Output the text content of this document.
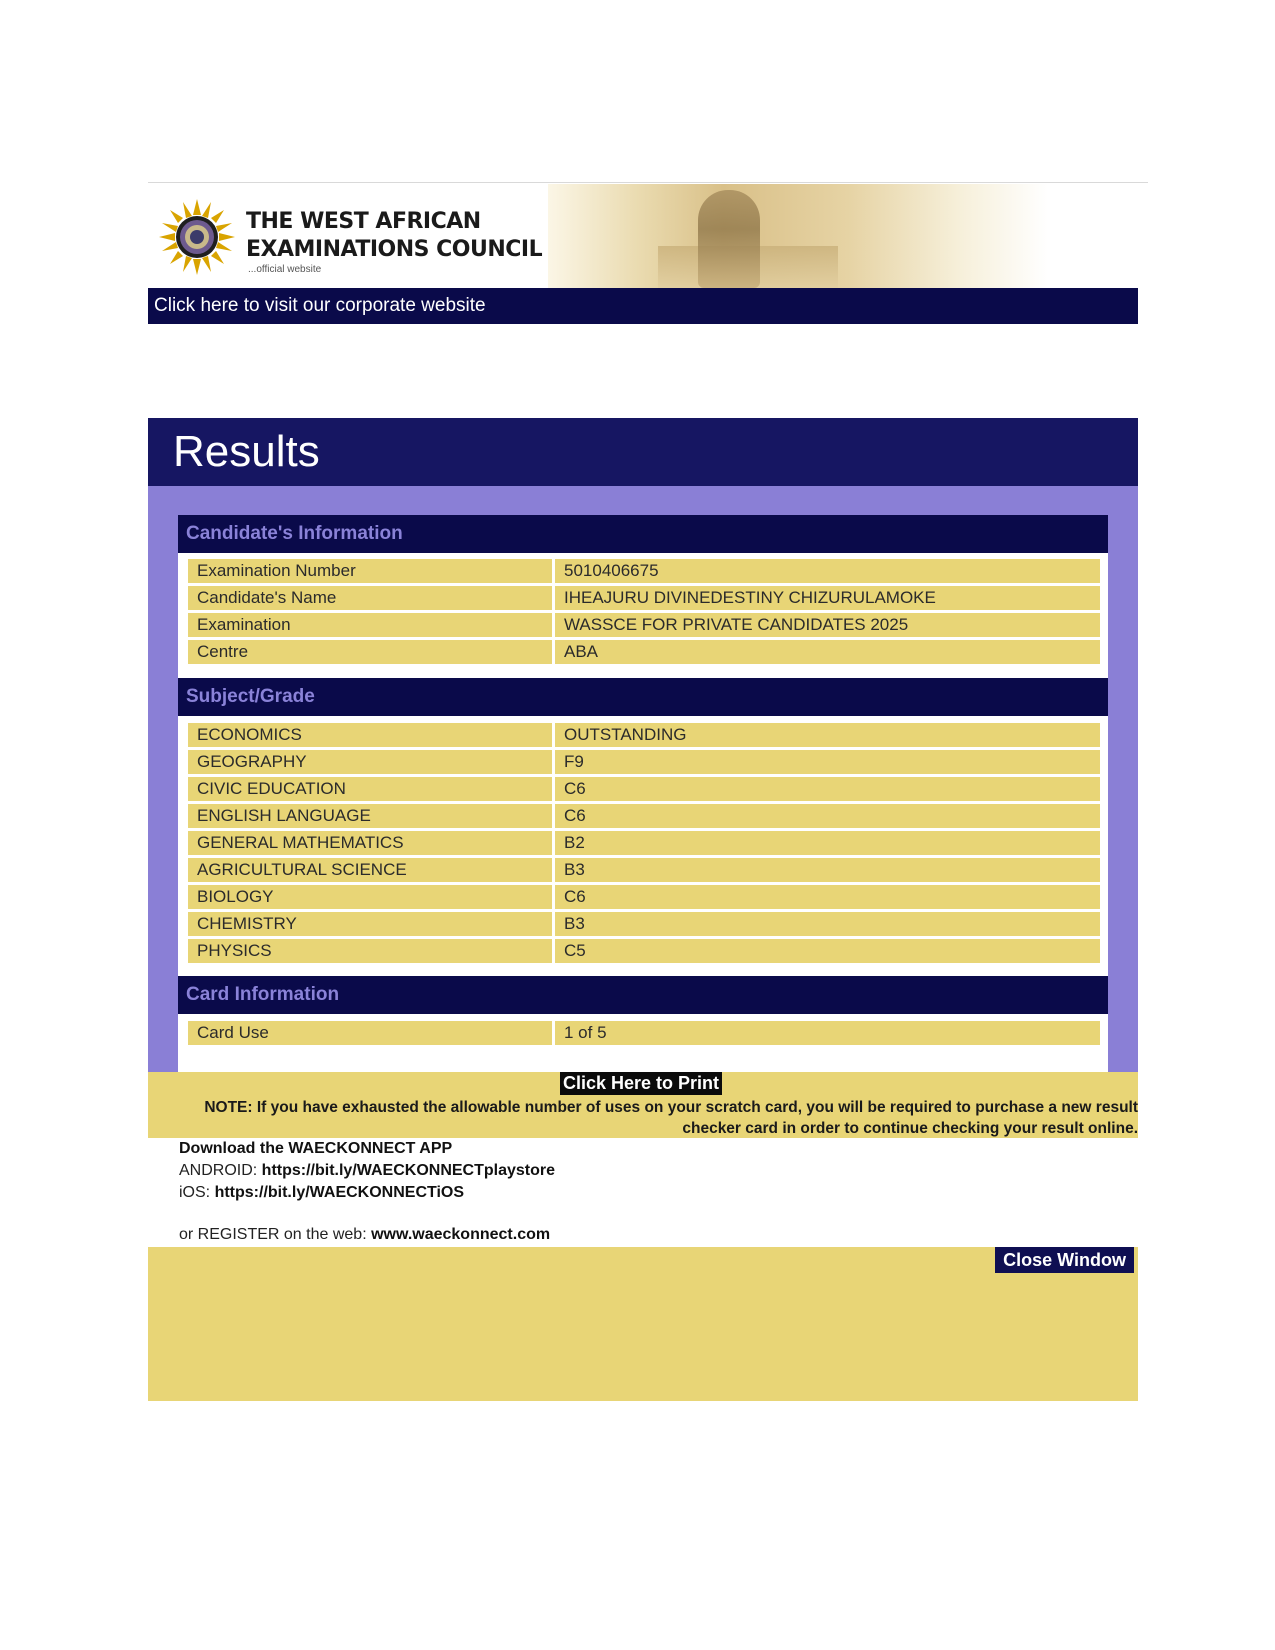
THE WEST AFRICAN
EXAMINATIONS COUNCIL
...official website
Click here to visit our corporate website
Results
Candidate's Information
Examination Number	5010406675
Candidate's Name	IHEAJURU DIVINEDESTINY CHIZURULAMOKE
Examination	WASSCE FOR PRIVATE CANDIDATES 2025
Centre	ABA
Subject/Grade
ECONOMICS	OUTSTANDING
GEOGRAPHY	F9
CIVIC EDUCATION	C6
ENGLISH LANGUAGE	C6
GENERAL MATHEMATICS	B2
AGRICULTURAL SCIENCE	B3
BIOLOGY	C6
CHEMISTRY	B3
PHYSICS	C5
Card Information
Card Use	1 of 5
Click Here to Print
NOTE: If you have exhausted the allowable number of uses on your scratch card, you will be required to purchase a new result checker card in order to continue checking your result online.
Download the WAECKONNECT APP
ANDROID: https://bit.ly/WAECKONNECTplaystore
iOS: https://bit.ly/WAECKONNECTiOS
or REGISTER on the web: www.waeckonnect.com
Close Window
